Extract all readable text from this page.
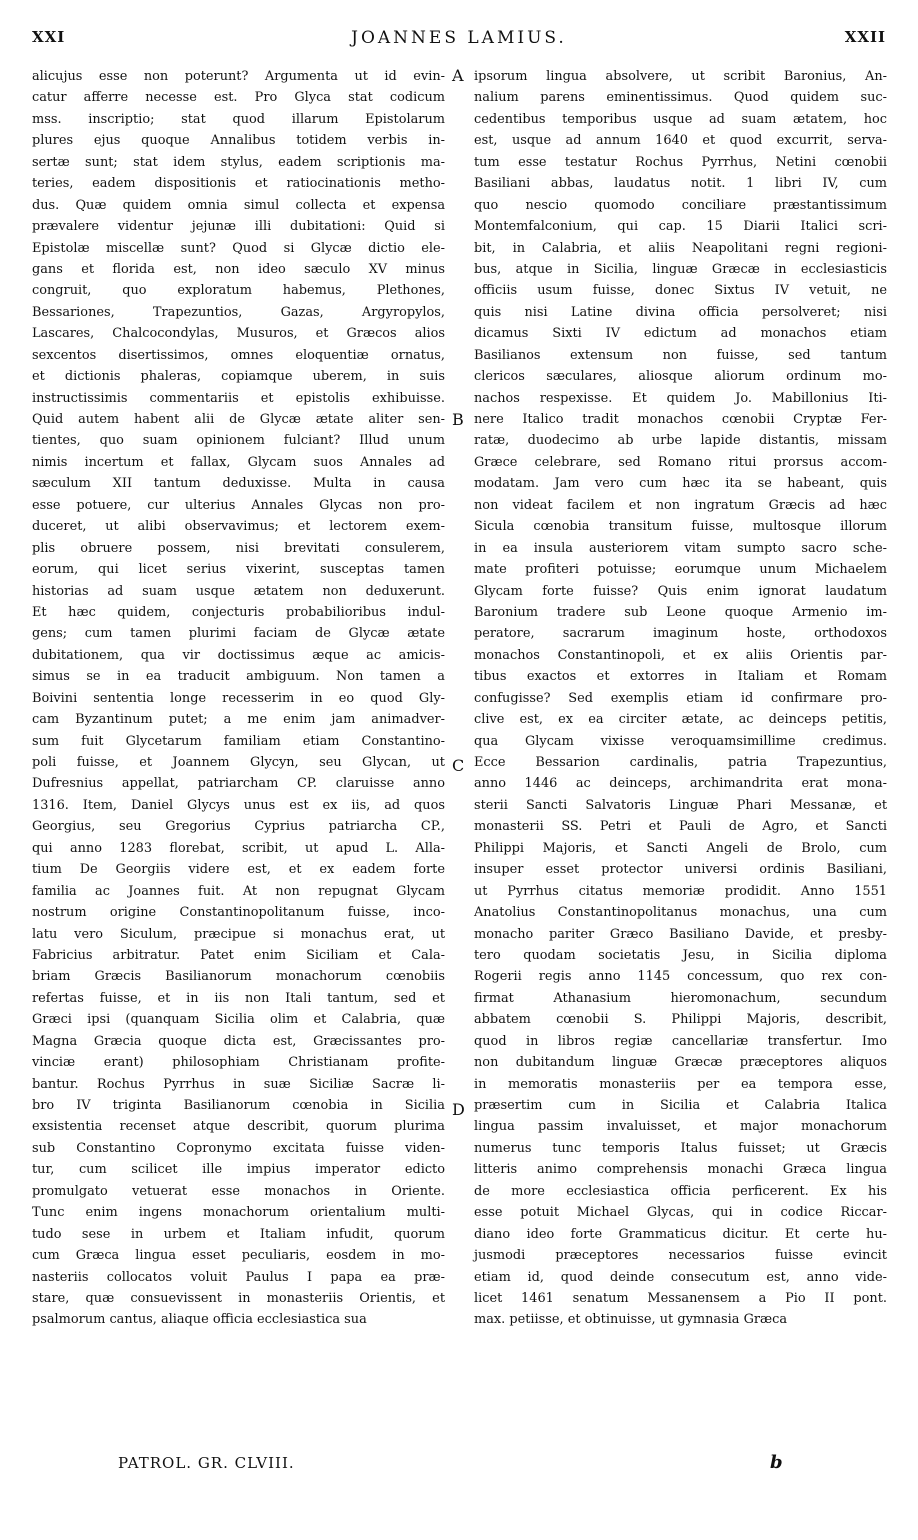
XXI	JOANNES LAMIUS.	XXII
alicujus esse non poterunt? Argumenta ut id evin-
catur afferre necesse est. Pro Glyca stat codicum
mss. inscriptio; stat quod illarum Epistolarum
plures ejus quoque Annalibus totidem verbis in-
sertæ sunt; stat idem stylus, eadem scriptionis ma-
teries, eadem dispositionis et ratiocinationis metho-
dus. Quæ quidem omnia simul collecta et expensa
prævalere videntur jejunæ illi dubitationi: Quid si
Epistolæ miscellæ sunt? Quod si Glycæ dictio ele-
gans et florida est, non ideo sæculo XV minus
congruit, quo exploratum habemus, Plethones,
Bessariones, Trapezuntios, Gazas, Argyropylos,
Lascares, Chalcocondylas, Musuros, et Græcos alios
sexcentos disertissimos, omnes eloquentiæ ornatus,
et dictionis phaleras, copiamque uberem, in suis
instructissimis commentariis et epistolis exhibuisse.
Quid autem habent alii de Glycæ ætate aliter sen-
tientes, quo suam opinionem fulciant? Illud unum
nimis incertum et fallax, Glycam suos Annales ad
sæculum XII tantum deduxisse. Multa in causa
esse potuere, cur ulterius Annales Glycas non pro-
duceret, ut alibi observavimus; et lectorem exem-
plis obruere possem, nisi brevitati consulerem,
eorum, qui licet serius vixerint, susceptas tamen
historias ad suam usque ætatem non deduxerunt.
Et hæc quidem, conjecturis probabilioribus indul-
gens; cum tamen plurimi faciam de Glycæ ætate
dubitationem, qua vir doctissimus æque ac amicis-
simus se in ea traducit ambiguum. Non tamen a
Boivini sententia longe recesserim in eo quod Gly-
cam Byzantinum putet; a me enim jam animadver-
sum fuit Glycetarum familiam etiam Constantino-
poli fuisse, et Joannem Glycyn, seu Glycan, ut
Dufresnius appellat, patriarcham CP. claruisse anno
1316. Item, Daniel Glycys unus est ex iis, ad quos
Georgius, seu Gregorius Cyprius patriarcha CP.,
qui anno 1283 florebat, scribit, ut apud L. Alla-
tium De Georgiis videre est, et ex eadem forte
familia ac Joannes fuit. At non repugnat Glycam
nostrum origine Constantinopolitanum fuisse, inco-
latu vero Siculum, præcipue si monachus erat, ut
Fabricius arbitratur. Patet enim Siciliam et Cala-
briam Græcis Basilianorum monachorum cœnobiis
refertas fuisse, et in iis non Itali tantum, sed et
Græci ipsi (quanquam Sicilia olim et Calabria, quæ
Magna Græcia quoque dicta est, Græcissantes pro-
vinciæ erant) philosophiam Christianam profite-
bantur. Rochus Pyrrhus in suæ Siciliæ Sacræ li-
bro IV triginta Basilianorum cœnobia in Sicilia
exsistentia recenset atque describit, quorum plurima
sub Constantino Copronymo excitata fuisse viden-
tur, cum scilicet ille impius imperator edicto
promulgato vetuerat esse monachos in Oriente.
Tunc enim ingens monachorum orientalium multi-
tudo sese in urbem et Italiam infudit, quorum
cum Græca lingua esset peculiaris, eosdem in mo-
nasteriis collocatos voluit Paulus I papa ea præ-
stare, quæ consuevissent in monasteriis Orientis, et
psalmorum cantus, aliaque officia ecclesiastica sua
ipsorum lingua absolvere, ut scribit Baronius, An-
nalium parens eminentissimus. Quod quidem suc-
cedentibus temporibus usque ad suam ætatem, hoc
est, usque ad annum 1640 et quod excurrit, serva-
tum esse testatur Rochus Pyrrhus, Netini cœnobii
Basiliani abbas, laudatus notit. 1 libri IV, cum
quo nescio quomodo conciliare præstantissimum
Montemfalconium, qui cap. 15 Diarii Italici scri-
bit, in Calabria, et aliis Neapolitani regni regioni-
bus, atque in Sicilia, linguæ Græcæ in ecclesiasticis
officiis usum fuisse, donec Sixtus IV vetuit, ne
quis nisi Latine divina officia persolveret; nisi
dicamus Sixti IV edictum ad monachos etiam
Basilianos extensum non fuisse, sed tantum
clericos sæculares, aliosque aliorum ordinum mo-
nachos respexisse. Et quidem Jo. Mabillonius Iti-
nere Italico tradit monachos cœnobii Cryptæ Fer-
ratæ, duodecimo ab urbe lapide distantis, missam
Græce celebrare, sed Romano ritui prorsus accom-
modatam. Jam vero cum hæc ita se habeant, quis
non videat facilem et non ingratum Græcis ad hæc
Sicula cœnobia transitum fuisse, multosque illorum
in ea insula austeriorem vitam sumpto sacro sche-
mate profiteri potuisse; eorumque unum Michaelem
Glycam forte fuisse? Quis enim ignorat laudatum
Baronium tradere sub Leone quoque Armenio im-
peratore, sacrarum imaginum hoste, orthodoxos
monachos Constantinopoli, et ex aliis Orientis par-
tibus exactos et extorres in Italiam et Romam
confugisse? Sed exemplis etiam id confirmare pro-
clive est, ex ea circiter ætate, ac deinceps petitis,
qua Glycam vixisse veroquamsimillime credimus.
Ecce Bessarion cardinalis, patria Trapezuntius,
anno 1446 ac deinceps, archimandrita erat mona-
sterii Sancti Salvatoris Linguæ Phari Messanæ, et
monasterii SS. Petri et Pauli de Agro, et Sancti
Philippi Majoris, et Sancti Angeli de Brolo, cum
insuper esset protector universi ordinis Basiliani,
ut Pyrrhus citatus memoriæ prodidit. Anno 1551
Anatolius Constantinopolitanus monachus, una cum
monacho pariter Græco Basiliano Davide, et presby-
tero quodam societatis Jesu, in Sicilia diploma
Rogerii regis anno 1145 concessum, quo rex con-
firmat Athanasium hieromonachum, secundum
abbatem cœnobii S. Philippi Majoris, describit,
quod in libros regiæ cancellariæ transfertur. Imo
non dubitandum linguæ Græcæ præceptores aliquos
in memoratis monasteriis per ea tempora esse,
præsertim cum in Sicilia et Calabria Italica
lingua passim invaluisset, et major monachorum
numerus tunc temporis Italus fuisset; ut Græcis
litteris animo comprehensis monachi Græca lingua
de more ecclesiastica officia perficerent. Ex his
esse potuit Michael Glycas, qui in codice Riccar-
diano ideo forte Grammaticus dicitur. Et certe hu-
jusmodi præceptores necessarios fuisse evincit
etiam id, quod deinde consecutum est, anno vide-
licet 1461 senatum Messanensem a Pio II pont.
max. petiisse, et obtinuisse, ut gymnasia Græca
A
B
C
D
PATROL. GR. CLVIII.	b
